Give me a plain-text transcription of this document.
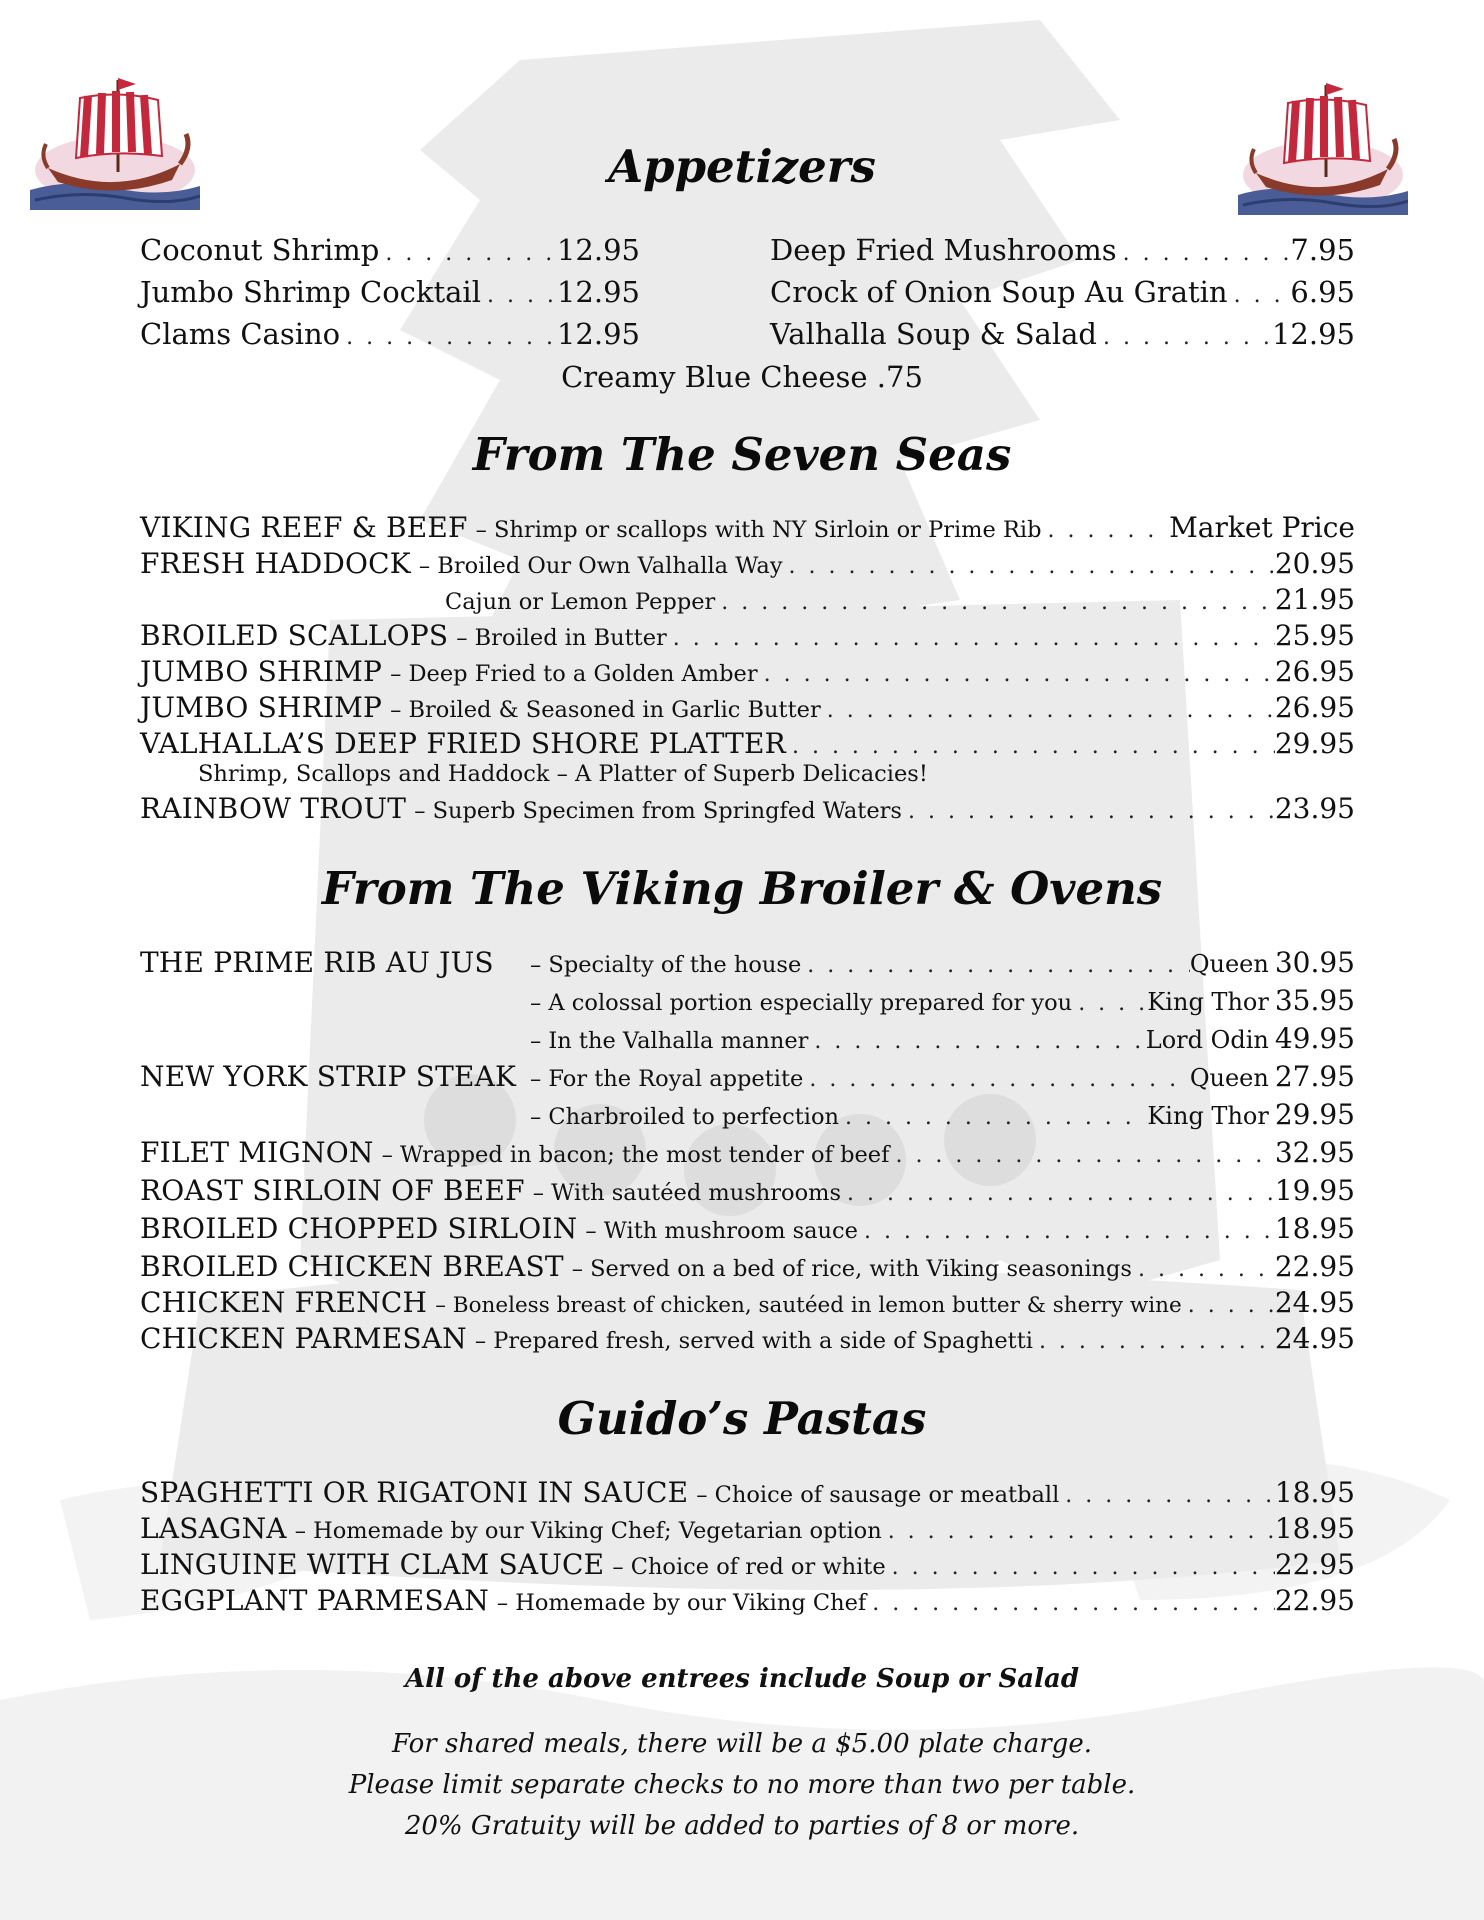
Appetizers
Coconut Shrimp . . .	12.95
Jumbo Shrimp Cocktail . . .	12.95
Clams Casino . . .	12.95
Deep Fried Mushrooms . . .	7.95
Crock of Onion Soup Au Gratin . . . 6.95
Valhalla Soup & Salad . . .	12.95
Creamy Blue Cheese .75
From The Seven Seas
VIKING REEF & BEEF – Shrimp or scallops with NY Sirloin or Prime Rib . . .	Market Price
FRESH HADDOCK – Broiled Our Own Valhalla Way . . .	20.95
Cajun or Lemon Pepper . . .	21.95
BROILED SCALLOPS – Broiled in Butter . . .	25.95
JUMBO SHRIMP – Deep Fried to a Golden Amber . . .	26.95
JUMBO SHRIMP – Broiled & Seasoned in Garlic Butter . . .	26.95
VALHALLA’S DEEP FRIED SHORE PLATTER . . .	29.95
Shrimp, Scallops and Haddock – A Platter of Superb Delicacies!
RAINBOW TROUT – Superb Specimen from Springfed Waters . . .	23.95
From The Viking Broiler & Ovens
THE PRIME RIB AU JUS	– Specialty of the house . . .	Queen 30.95
– A colossal portion especially prepared for you . . .	King Thor 35.95
– In the Valhalla manner . . .	Lord Odin 49.95
NEW YORK STRIP STEAK – For the Royal appetite . . .	Queen 27.95
– Charbroiled to perfection . . .	King Thor 29.95
FILET MIGNON – Wrapped in bacon; the most tender of beef . . .	32.95
ROAST SIRLOIN OF BEEF – With sautéed mushrooms . . .	19.95
BROILED CHOPPED SIRLOIN – With mushroom sauce . . .	18.95
BROILED CHICKEN BREAST – Served on a bed of rice, with Viking seasonings . . .	22.95
CHICKEN FRENCH – Boneless breast of chicken, sautéed in lemon butter & sherry wine . . .	24.95
CHICKEN PARMESAN – Prepared fresh, served with a side of Spaghetti . . .	24.95
Guido’s Pastas
SPAGHETTI OR RIGATONI IN SAUCE – Choice of sausage or meatball . . .	18.95
LASAGNA – Homemade by our Viking Chef; Vegetarian option . . .	18.95
LINGUINE WITH CLAM SAUCE – Choice of red or white . . .	22.95
EGGPLANT PARMESAN – Homemade by our Viking Chef . . .	22.95
All of the above entrees include Soup or Salad
For shared meals, there will be a $5.00 plate charge.
Please limit separate checks to no more than two per table.
20% Gratuity will be added to parties of 8 or more.
